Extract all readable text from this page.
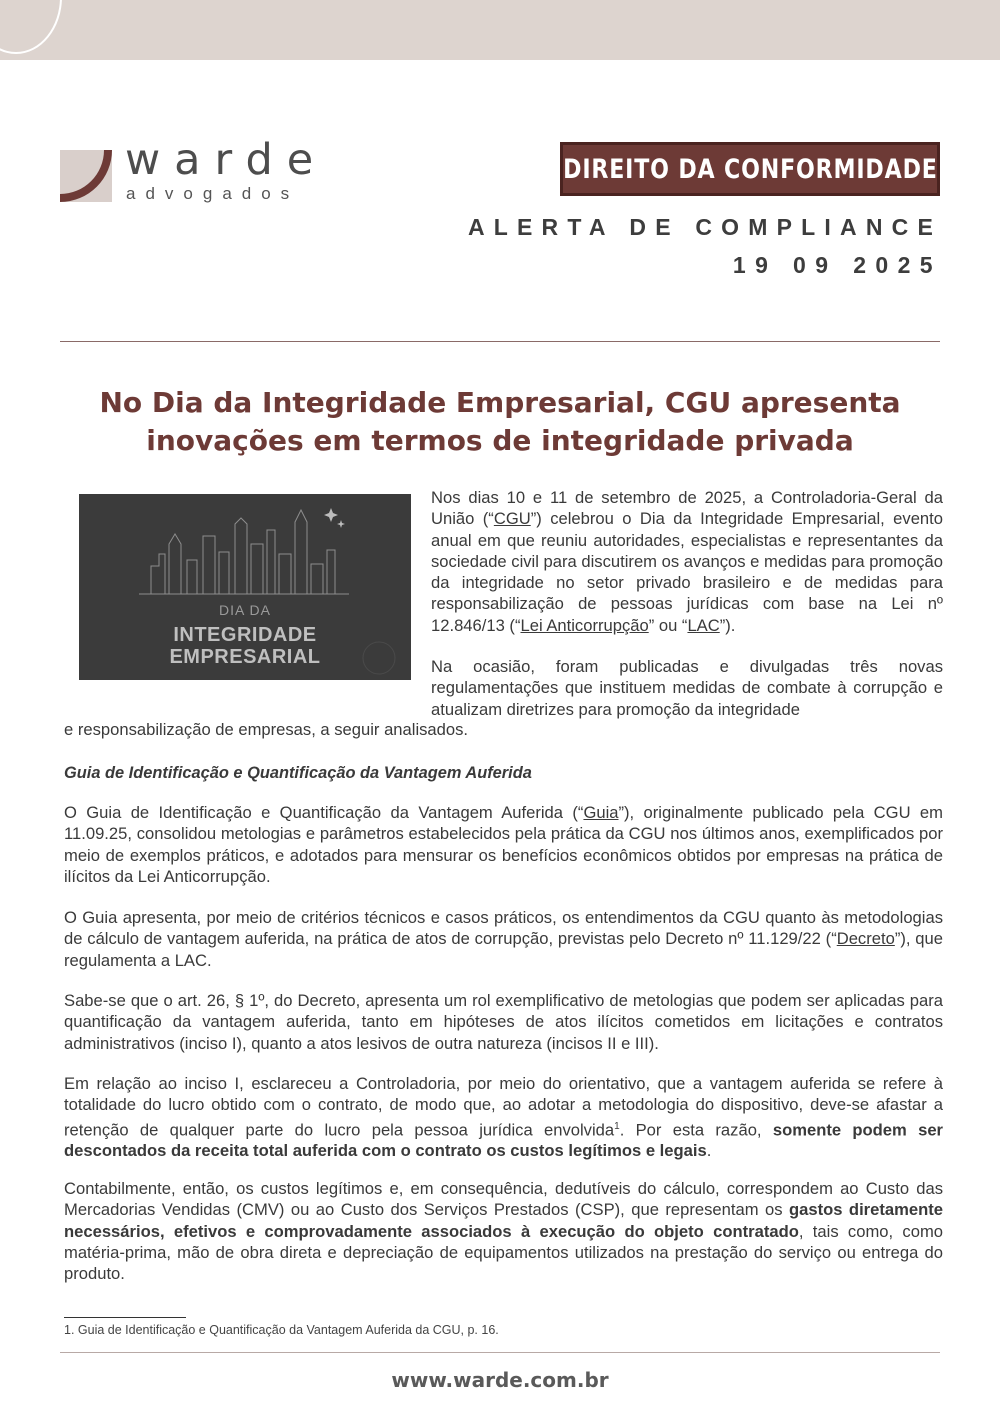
warde
advogados
DIREITO DA CONFORMIDADE
ALERTA DE COMPLIANCE
19 09 2025
No Dia da Integridade Empresarial, CGU apresenta
inovações em termos de integridade privada
DIA DA
INTEGRIDADE
EMPRESARIAL
Nos dias 10 e 11 de setembro de 2025, a Controladoria-Geral da União (“CGU”) celebrou o Dia da Integridade Empresarial, evento anual em que reuniu autoridades, especialistas e representantes da sociedade civil para discutirem os avanços e medidas para promoção da integridade no setor privado brasileiro e de medidas para responsabilização de pessoas jurídicas com base na Lei nº 12.846/13 (“Lei Anticorrupção” ou “LAC”).
Na ocasião, foram publicadas e divulgadas três novas regulamentações que instituem medidas de combate à corrupção e atualizam diretrizes para promoção da integridade
e responsabilização de empresas, a seguir analisados.
Guia de Identificação e Quantificação da Vantagem Auferida
O Guia de Identificação e Quantificação da Vantagem Auferida (“Guia”), originalmente publicado pela CGU em 11.09.25, consolidou metologias e parâmetros estabelecidos pela prática da CGU nos últimos anos, exemplificados por meio de exemplos práticos, e adotados para mensurar os benefícios econômicos obtidos por empresas na prática de ilícitos da Lei Anticorrupção.
O Guia apresenta, por meio de critérios técnicos e casos práticos, os entendimentos da CGU quanto às metodologias de cálculo de vantagem auferida, na prática de atos de corrupção, previstas pelo Decreto nº 11.129/22 (“Decreto”), que regulamenta a LAC.
Sabe-se que o art. 26, § 1º, do Decreto, apresenta um rol exemplificativo de metologias que podem ser aplicadas para quantificação da vantagem auferida, tanto em hipóteses de atos ilícitos cometidos em licitações e contratos administrativos (inciso I), quanto a atos lesivos de outra natureza (incisos II e III).
Em relação ao inciso I, esclareceu a Controladoria, por meio do orientativo, que a vantagem auferida se refere à totalidade do lucro obtido com o contrato, de modo que, ao adotar a metodologia do dispositivo, deve-se afastar a retenção de qualquer parte do lucro pela pessoa jurídica envolvida$^1$. Por esta razão, somente podem ser descontados da receita total auferida com o contrato os custos legítimos e legais.
Contabilmente, então, os custos legítimos e, em consequência, dedutíveis do cálculo, correspondem ao Custo das Mercadorias Vendidas (CMV) ou ao Custo dos Serviços Prestados (CSP), que representam os gastos diretamente necessários, efetivos e comprovadamente associados à execução do objeto contratado, tais como, como matéria-prima, mão de obra direta e depreciação de equipamentos utilizados na prestação do serviço ou entrega do produto.
1. Guia de Identificação e Quantificação da Vantagem Auferida da CGU, p. 16.
www.warde.com.br
